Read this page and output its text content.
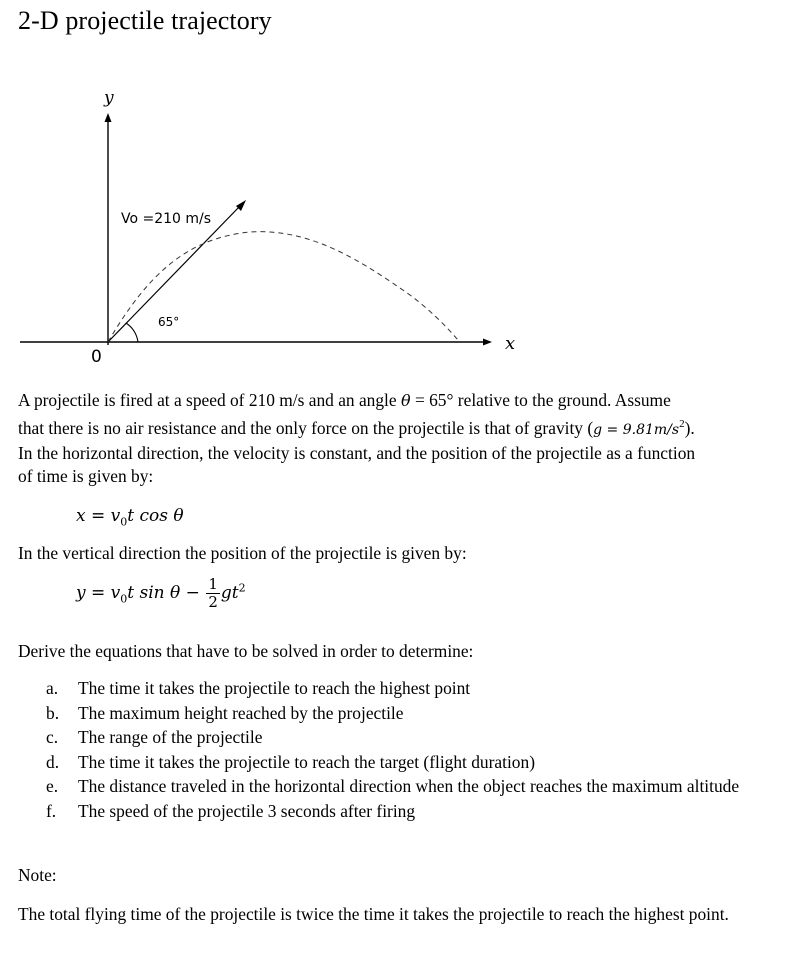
2-D projectile trajectory
y
x
0
Vo =210 m/s
65°
A projectile is fired at a speed of 210 m/s and an angle θ = 65° relative to the ground. Assume
that there is no air resistance and the only force on the projectile is that of gravity $(g = 9.81m/s^2)$.
In the horizontal direction, the velocity is constant, and the position of the projectile as a function
of time is given by:
$x = v_0t$ cos θ
In the vertical direction the position of the projectile is given by:
$y = v_0t$ $\sin \theta - \frac{1}{2} gt^2$
Derive the equations that have to be solved in order to determine:
a. The time it takes the projectile to reach the highest point
b. The maximum height reached by the projectile
c. The range of the projectile
d. The time it takes the projectile to reach the target (flight duration)
e. The distance traveled in the horizontal direction when the object reaches the maximum altitude
f. The speed of the projectile 3 seconds after firing
Note:
The total flying time of the projectile is twice the time it takes the projectile to reach the highest point.
